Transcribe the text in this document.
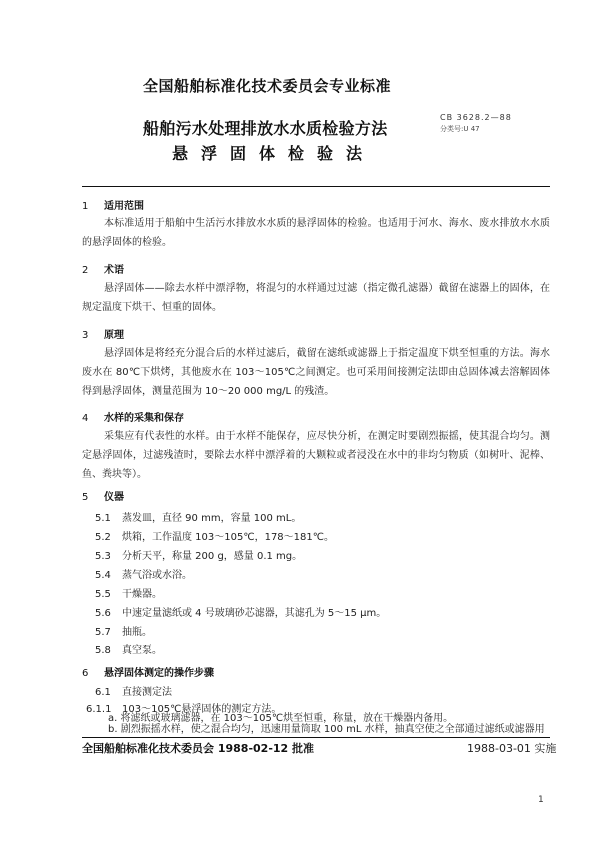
全国船舶标准化技术委员会专业标准
船舶污水处理排放水水质检验方法
悬浮固体检验法
CB 3628.2—88
分类号:U 47
1 适用范围
本标准适用于船舶中生活污水排放水水质的悬浮固体的检验。也适用于河水、海水、废水排放水水质的悬浮固体的检验。
2 术语
悬浮固体——除去水样中漂浮物，将混匀的水样通过过滤（指定微孔滤器）截留在滤器上的固体，在规定温度下烘干、恒重的固体。
3 原理
悬浮固体是将经充分混合后的水样过滤后，截留在滤纸或滤器上于指定温度下烘至恒重的方法。海水废水在 80℃下烘烤，其他废水在 103～105℃之间测定。也可采用间接测定法即由总固体减去溶解固体得到悬浮固体，测量范围为 10～20 000 mg/L 的残渣。
4 水样的采集和保存
采集应有代表性的水样。由于水样不能保存，应尽快分析，在测定时要剧烈振摇，使其混合均匀。测定悬浮固体，过滤残渣时，要除去水样中漂浮着的大颗粒或者浸没在水中的非均匀物质（如树叶、泥棒、鱼、粪块等）。
5 仪器
5.1 蒸发皿，直径 90 mm，容量 100 mL。
5.2 烘箱，工作温度 103～105℃，178～181℃。
5.3 分析天平，称量 200 g，感量 0.1 mg。
5.4 蒸气浴或水浴。
5.5 干燥器。
5.6 中速定量滤纸或 4 号玻璃砂芯滤器，其滤孔为 5～15 μm。
5.7 抽瓶。
5.8 真空泵。
6 悬浮固体测定的操作步骤
6.1 直接测定法
6.1.1 103～105℃悬浮固体的测定方法。
a. 将滤纸或玻璃滤器，在 103～105℃烘至恒重，称量，放在干燥器内备用。
b. 剧烈振摇水样，使之混合均匀，迅速用量筒取 100 mL 水样，抽真空使之全部通过滤纸或滤器用
全国船舶标准化技术委员会 1988-02-12 批准	1988-03-01 实施
1
